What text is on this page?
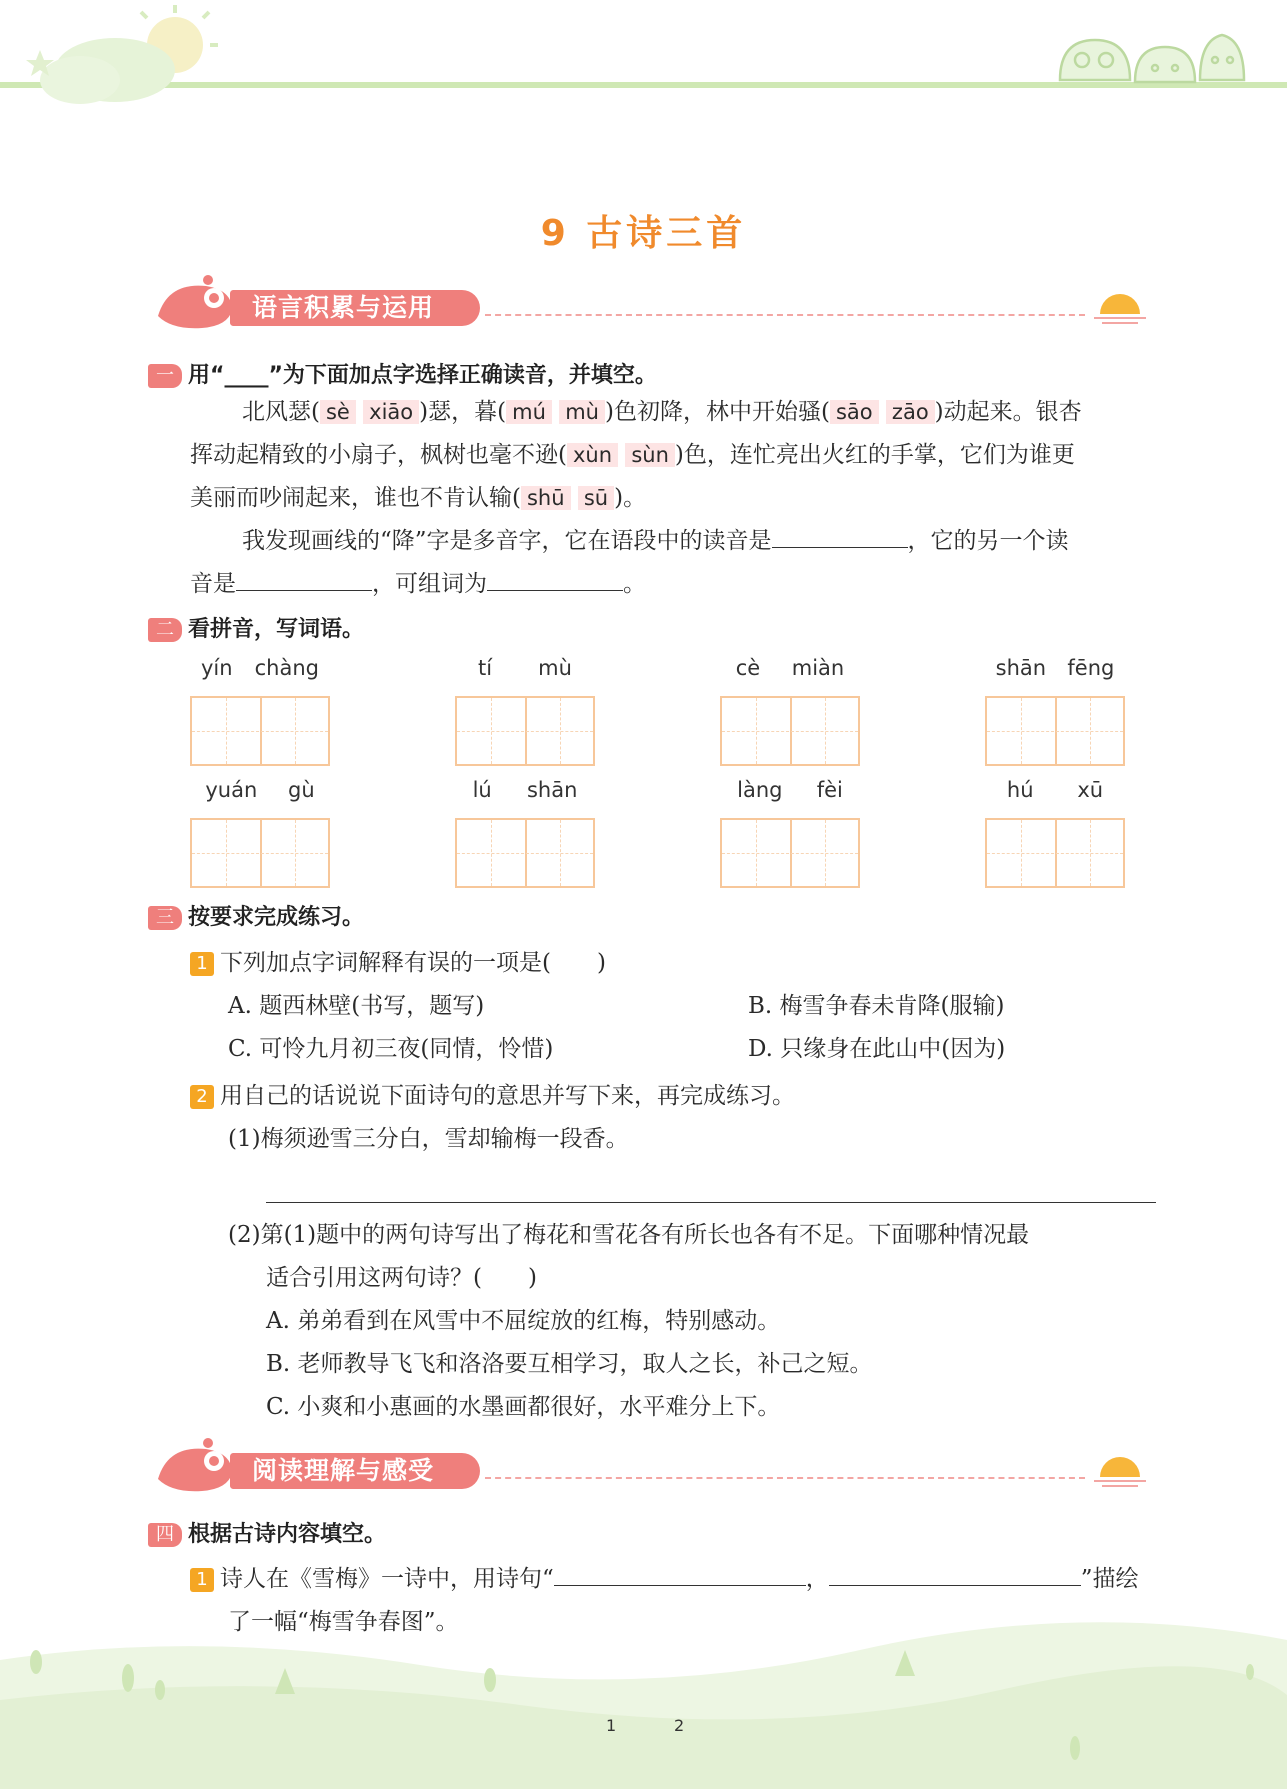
9 古诗三首
语言积累与运用
一 用“____”为下面加点字选择正确读音，并填空。
北风瑟( sè xiāo )瑟，暮( mú mù )色初降，林中开始骚( sāo zāo )动起来。银杏
挥动起精致的小扇子，枫树也毫不逊( xùn sùn )色，连忙亮出火红的手掌，它们为谁更
美丽而吵闹起来，谁也不肯认输( shū sū )。
我发现画线的“降”字是多音字，它在语段中的读音是	，它的另一个读
音是	，可组词为	。
二 看拼音，写词语。
yín chàng	tí mù	cè miàn	shān fēng
yuán gù	lú shān	làng fèi	hú xū
三 按要求完成练习。
1 下列加点字词解释有误的一项是(　　)
A. 题西林壁(书写，题写)	B. 梅雪争春未肯降(服输)
C. 可怜九月初三夜(同情，怜惜)	D. 只缘身在此山中(因为)
2 用自己的话说说下面诗句的意思并写下来，再完成练习。
(1)梅须逊雪三分白，雪却输梅一段香。
(2)第(1)题中的两句诗写出了梅花和雪花各有所长也各有不足。下面哪种情况最
适合引用这两句诗？(　　)
A. 弟弟看到在风雪中不屈绽放的红梅，特别感动。
B. 老师教导飞飞和洛洛要互相学习，取人之长，补己之短。
C. 小爽和小惠画的水墨画都很好，水平难分上下。
阅读理解与感受
四 根据古诗内容填空。
1 诗人在《雪梅》一诗中，用诗句“	，	”描绘
了一幅“梅雪争春图”。
1	2
